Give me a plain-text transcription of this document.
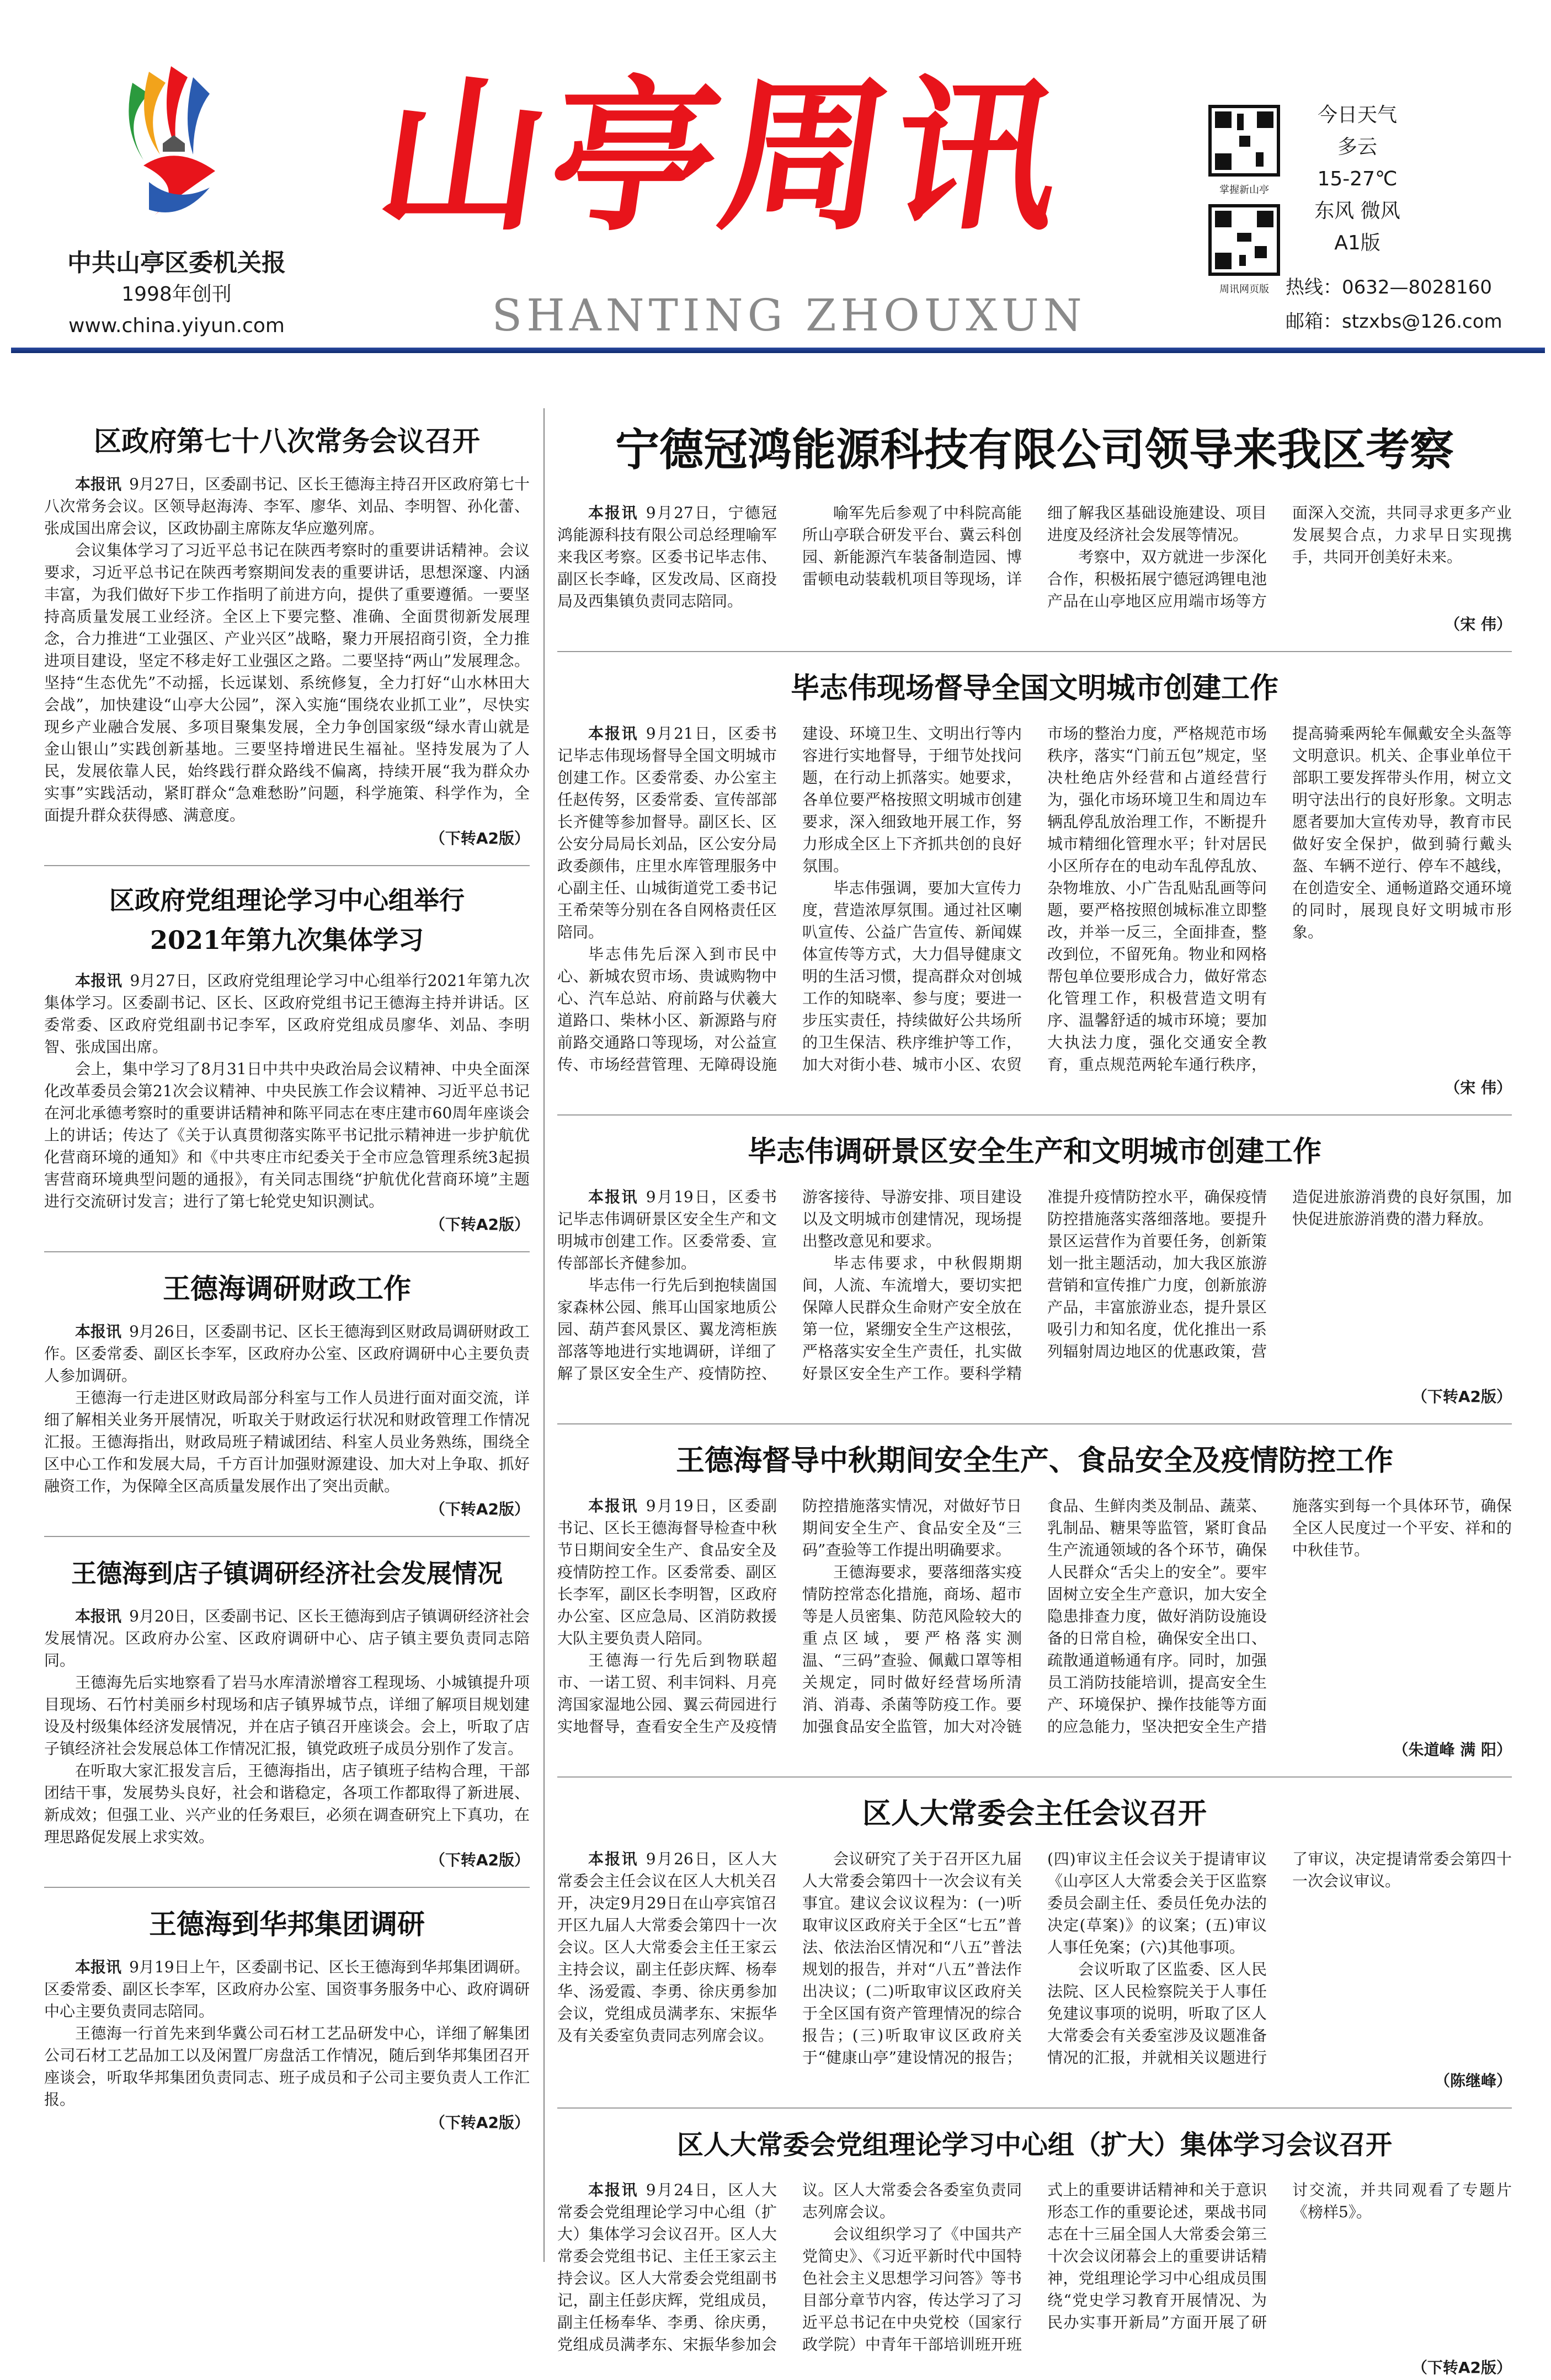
中共山亭区委机关报
1998年创刊
www.china.yiyun.com
山亭周讯
SHANTING ZHOUXUN
掌握新山亭
周讯网页版
今日天气
多云
15-27℃
东风 微风
A1版
热线：0632—8028160
邮箱：stzxbs@126.com
区政府第七十八次常务会议召开

本报讯 9月27日，区委副书记、区长王德海主持召开区政府第七十八次常务会议。区领导赵海涛、李军、廖华、刘品、李明智、孙化蕾、张成国出席会议，区政协副主席陈友华应邀列席。

会议集体学习了习近平总书记在陕西考察时的重要讲话精神。会议要求，习近平总书记在陕西考察期间发表的重要讲话，思想深邃、内涵丰富，为我们做好下步工作指明了前进方向，提供了重要遵循。一要坚持高质量发展工业经济。全区上下要完整、准确、全面贯彻新发展理念，合力推进“工业强区、产业兴区”战略，聚力开展招商引资，全力推进项目建设，坚定不移走好工业强区之路。二要坚持“两山”发展理念。坚持“生态优先”不动摇，长远谋划、系统修复，全力打好“山水林田大会战”，加快建设“山亭大公园”，深入实施“围绕农业抓工业”，尽快实现乡产业融合发展、多项目聚集发展，全力争创国家级“绿水青山就是金山银山”实践创新基地。三要坚持增进民生福祉。坚持发展为了人民，发展依靠人民，始终践行群众路线不偏离，持续开展“我为群众办实事”实践活动，紧盯群众“急难愁盼”问题，科学施策、科学作为，全面提升群众获得感、满意度。

（下转A2版）
区政府党组理论学习中心组举行
2021年第九次集体学习

本报讯 9月27日，区政府党组理论学习中心组举行2021年第九次集体学习。区委副书记、区长、区政府党组书记王德海主持并讲话。区委常委、区政府党组副书记李军，区政府党组成员廖华、刘品、李明智、张成国出席。

会上，集中学习了8月31日中共中央政治局会议精神、中央全面深化改革委员会第21次会议精神、中央民族工作会议精神、习近平总书记在河北承德考察时的重要讲话精神和陈平同志在枣庄建市60周年座谈会上的讲话；传达了《关于认真贯彻落实陈平书记批示精神进一步护航优化营商环境的通知》和《中共枣庄市纪委关于全市应急管理系统3起损害营商环境典型问题的通报》，有关同志围绕“护航优化营商环境”主题进行交流研讨发言；进行了第七轮党史知识测试。

（下转A2版）
王德海调研财政工作

本报讯 9月26日，区委副书记、区长王德海到区财政局调研财政工作。区委常委、副区长李军，区政府办公室、区政府调研中心主要负责人参加调研。

王德海一行走进区财政局部分科室与工作人员进行面对面交流，详细了解相关业务开展情况，听取关于财政运行状况和财政管理工作情况汇报。王德海指出，财政局班子精诚团结、科室人员业务熟练，围绕全区中心工作和发展大局，千方百计加强财源建设、加大对上争取、抓好融资工作，为保障全区高质量发展作出了突出贡献。

（下转A2版）
王德海到店子镇调研经济社会发展情况

本报讯 9月20日，区委副书记、区长王德海到店子镇调研经济社会发展情况。区政府办公室、区政府调研中心、店子镇主要负责同志陪同。

王德海先后实地察看了岩马水库清淤增容工程现场、小城镇提升项目现场、石竹村美丽乡村现场和店子镇界城节点，详细了解项目规划建设及村级集体经济发展情况，并在店子镇召开座谈会。会上，听取了店子镇经济社会发展总体工作情况汇报，镇党政班子成员分别作了发言。

在听取大家汇报发言后，王德海指出，店子镇班子结构合理，干部团结干事，发展势头良好，社会和谐稳定，各项工作都取得了新进展、新成效；但强工业、兴产业的任务艰巨，必须在调查研究上下真功，在理思路促发展上求实效。

（下转A2版）
王德海到华邦集团调研

本报讯 9月19日上午，区委副书记、区长王德海到华邦集团调研。区委常委、副区长李军，区政府办公室、国资事务服务中心、政府调研中心主要负责同志陪同。

王德海一行首先来到华冀公司石材工艺品研发中心，详细了解集团公司石材工艺品加工以及闲置厂房盘活工作情况，随后到华邦集团召开座谈会，听取华邦集团负责同志、班子成员和子公司主要负责人工作汇报。

（下转A2版）
宁德冠鸿能源科技有限公司领导来我区考察

本报讯 9月27日，宁德冠鸿能源科技有限公司总经理喻军来我区考察。区委书记毕志伟、副区长李峰，区发改局、区商投局及西集镇负责同志陪同。

喻军先后参观了中科院高能所山亭联合研发平台、冀云科创园、新能源汽车装备制造园、博雷顿电动装载机项目等现场，详细了解我区基础设施建设、项目进度及经济社会发展等情况。

考察中，双方就进一步深化合作，积极拓展宁德冠鸿锂电池产品在山亭地区应用端市场等方面深入交流，共同寻求更多产业发展契合点，力求早日实现携手，共同开创美好未来。

（宋 伟）
毕志伟现场督导全国文明城市创建工作

本报讯 9月21日，区委书记毕志伟现场督导全国文明城市创建工作。区委常委、办公室主任赵传努，区委常委、宣传部部长齐健等参加督导。副区长、区公安分局局长刘品，区公安分局政委颜伟，庄里水库管理服务中心副主任、山城街道党工委书记王希荣等分别在各自网格责任区陪同。

毕志伟先后深入到市民中心、新城农贸市场、贵诚购物中心、汽车总站、府前路与伏羲大道路口、柴林小区、新源路与府前路交通路口等现场，对公益宣传、市场经营管理、无障碍设施建设、环境卫生、文明出行等内容进行实地督导，于细节处找问题，在行动上抓落实。她要求，各单位要严格按照文明城市创建要求，深入细致地开展工作，努力形成全区上下齐抓共创的良好氛围。

毕志伟强调，要加大宣传力度，营造浓厚氛围。通过社区喇叭宣传、公益广告宣传、新闻媒体宣传等方式，大力倡导健康文明的生活习惯，提高群众对创城工作的知晓率、参与度；要进一步压实责任，持续做好公共场所的卫生保洁、秩序维护等工作，加大对街小巷、城市小区、农贸市场的整治力度，严格规范市场秩序，落实“门前五包”规定，坚决杜绝店外经营和占道经营行为，强化市场环境卫生和周边车辆乱停乱放治理工作，不断提升城市精细化管理水平；针对居民小区所存在的电动车乱停乱放、杂物堆放、小广告乱贴乱画等问题，要严格按照创城标准立即整改，并举一反三，全面排查，整改到位，不留死角。物业和网格帮包单位要形成合力，做好常态化管理工作，积极营造文明有序、温馨舒适的城市环境；要加大执法力度，强化交通安全教育，重点规范两轮车通行秩序，提高骑乘两轮车佩戴安全头盔等文明意识。机关、企事业单位干部职工要发挥带头作用，树立文明守法出行的良好形象。文明志愿者要加大宣传劝导，教育市民做好安全保护，做到骑行戴头盔、车辆不逆行、停车不越线，在创造安全、通畅道路交通环境的同时，展现良好文明城市形象。

（宋 伟）
毕志伟调研景区安全生产和文明城市创建工作

本报讯 9月19日，区委书记毕志伟调研景区安全生产和文明城市创建工作。区委常委、宣传部部长齐健参加。

毕志伟一行先后到抱犊崮国家森林公园、熊耳山国家地质公园、葫芦套风景区、翼龙湾柜族部落等地进行实地调研，详细了解了景区安全生产、疫情防控、游客接待、导游安排、项目建设以及文明城市创建情况，现场提出整改意见和要求。

毕志伟要求，中秋假期期间，人流、车流增大，要切实把保障人民群众生命财产安全放在第一位，紧绷安全生产这根弦，严格落实安全生产责任，扎实做好景区安全生产工作。要科学精准提升疫情防控水平，确保疫情防控措施落实落细落地。要提升景区运营作为首要任务，创新策划一批主题活动，加大我区旅游营销和宣传推广力度，创新旅游产品，丰富旅游业态，提升景区吸引力和知名度，优化推出一系列辐射周边地区的优惠政策，营造促进旅游消费的良好氛围，加快促进旅游消费的潜力释放。

（下转A2版）
王德海督导中秋期间安全生产、食品安全及疫情防控工作

本报讯 9月19日，区委副书记、区长王德海督导检查中秋节日期间安全生产、食品安全及疫情防控工作。区委常委、副区长李军，副区长李明智，区政府办公室、区应急局、区消防救援大队主要负责人陪同。

王德海一行先后到物联超市、一诺工贸、利丰饲料、月亮湾国家湿地公园、翼云荷园进行实地督导，查看安全生产及疫情防控措施落实情况，对做好节日期间安全生产、食品安全及“三码”查验等工作提出明确要求。

王德海要求，要落细落实疫情防控常态化措施，商场、超市等是人员密集、防范风险较大的重点区域，要严格落实测温、“三码”查验、佩戴口罩等相关规定，同时做好经营场所清消、消毒、杀菌等防疫工作。要加强食品安全监管，加大对冷链食品、生鲜肉类及制品、蔬菜、乳制品、糖果等监管，紧盯食品生产流通领域的各个环节，确保人民群众“舌尖上的安全”。要牢固树立安全生产意识，加大安全隐患排查力度，做好消防设施设备的日常自检，确保安全出口、疏散通道畅通有序。同时，加强员工消防技能培训，提高安全生产、环境保护、操作技能等方面的应急能力，坚决把安全生产措施落实到每一个具体环节，确保全区人民度过一个平安、祥和的中秋佳节。

（朱道峰 满 阳）
区人大常委会主任会议召开

本报讯 9月26日，区人大常委会主任会议在区人大机关召开，决定9月29日在山亭宾馆召开区九届人大常委会第四十一次会议。区人大常委会主任王家云主持会议，副主任彭庆辉、杨奉华、汤爱霞、李勇、徐庆勇参加会议，党组成员满孝东、宋振华及有关委室负责同志列席会议。

会议研究了关于召开区九届人大常委会第四十一次会议有关事宜。建议会议议程为：(一)听取审议区政府关于全区“七五”普法、依法治区情况和“八五”普法规划的报告，并对“八五”普法作出决议；(二)听取审议区政府关于全区国有资产管理情况的综合报告；(三)听取审议区政府关于“健康山亭”建设情况的报告；(四)审议主任会议关于提请审议《山亭区人大常委会关于区监察委员会副主任、委员任免办法的决定(草案)》的议案；(五)审议人事任免案；(六)其他事项。

会议听取了区监委、区人民法院、区人民检察院关于人事任免建议事项的说明，听取了区人大常委会有关委室涉及议题准备情况的汇报，并就相关议题进行了审议，决定提请常委会第四十一次会议审议。

（陈继峰）
区人大常委会党组理论学习中心组（扩大）集体学习会议召开

本报讯 9月24日，区人大常委会党组理论学习中心组（扩大）集体学习会议召开。区人大常委会党组书记、主任王家云主持会议。区人大常委会党组副书记，副主任彭庆辉，党组成员，副主任杨奉华、李勇、徐庆勇，党组成员满孝东、宋振华参加会议。区人大常委会各委室负责同志列席会议。

会议组织学习了《中国共产党简史》、《习近平新时代中国特色社会主义思想学习问答》等书目部分章节内容，传达学习了习近平总书记在中央党校（国家行政学院）中青年干部培训班开班式上的重要讲话精神和关于意识形态工作的重要论述，栗战书同志在十三届全国人大常委会第三十次会议闭幕会上的重要讲话精神，党组理论学习中心组成员围绕“党史学习教育开展情况、为民办实事开新局”方面开展了研讨交流，并共同观看了专题片《榜样5》。

（下转A2版）
